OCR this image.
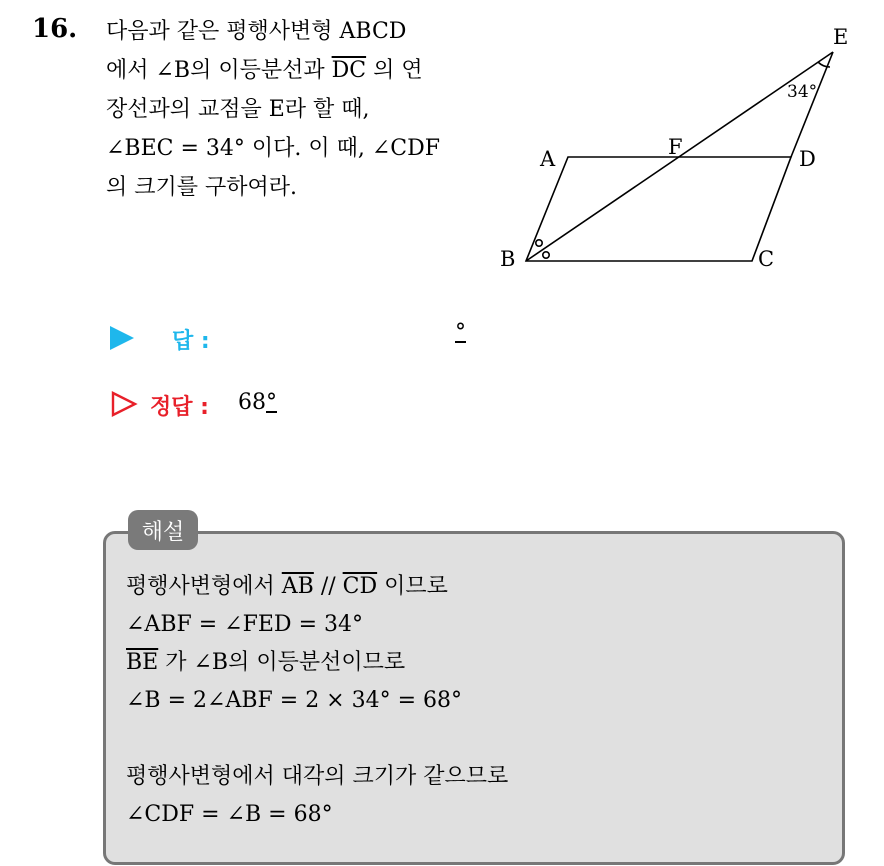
16. 다음과 같은 평행사변형 ABCD
에서 ∠B의 이등분선과 $\overline{DC}$ 의 연
장선과의 교점을 E라 할 때,
∠BEC = 34° 이다. 이 때, ∠CDF
의 크기를 구하여라.
A	F	D
B	C
E
34°
답 :	°
정답 : 68°
해설
평행사변형에서 $\overline{AB} // \overline{CD}$ 이므로
∠ABF = ∠FED = 34°
$\overline{BE}$ 가 ∠B의 이등분선이므로
∠B = 2∠ABF = 2 × 34° = 68°
평행사변형에서 대각의 크기가 같으므로
∠CDF = ∠B = 68°
